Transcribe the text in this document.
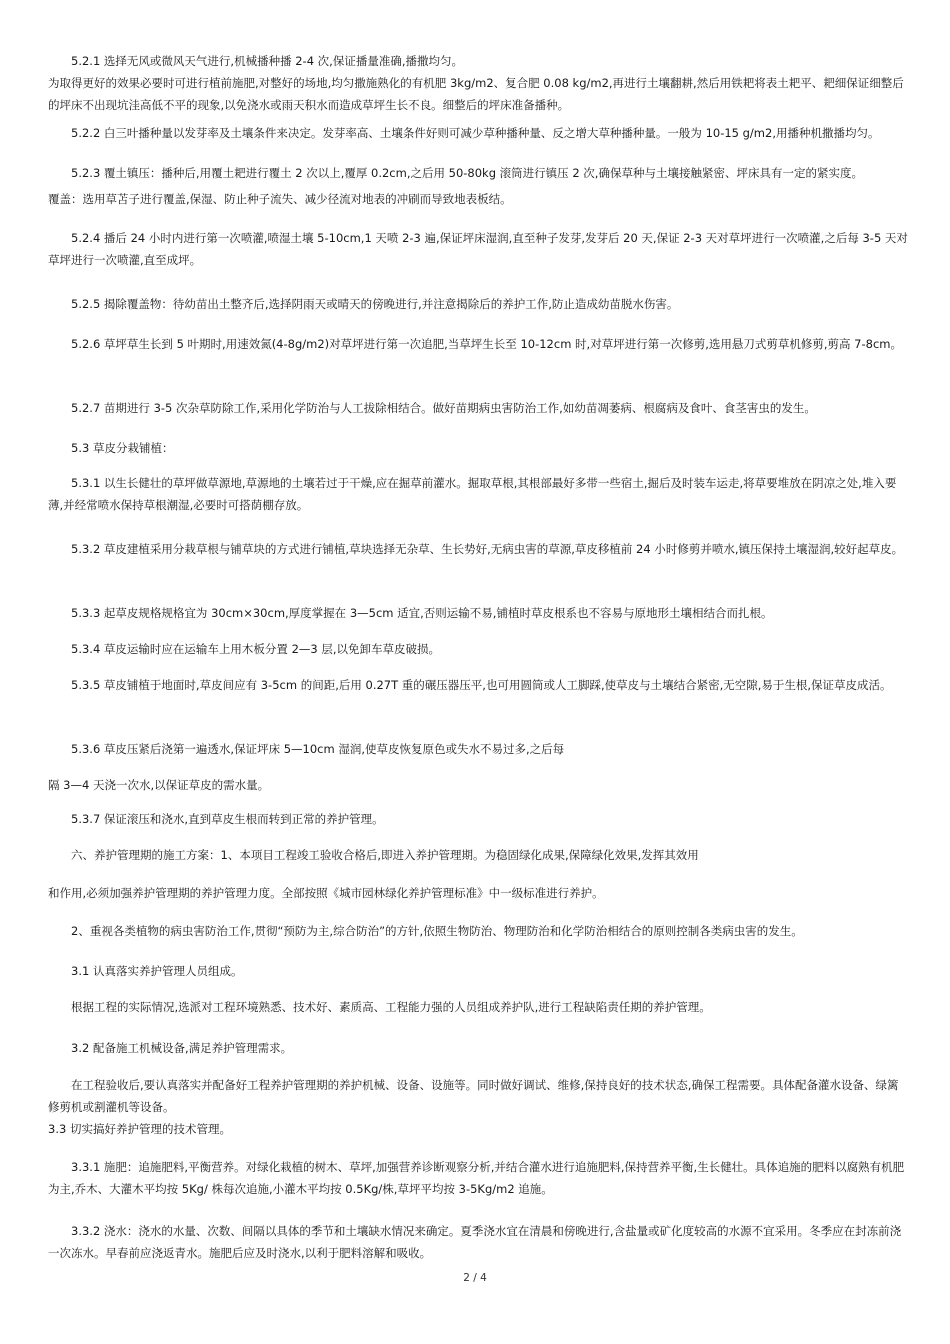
　　5.2.1 选择无风或微风天气进行,机械播种播 2-4 次,保证播量准确,播撒均匀。

为取得更好的效果必要时可进行植前施肥,对整好的场地,均匀撒施熟化的有机肥 3kg/m2、复合肥 0.08 kg/m2,再进行土壤翻耕,然后用铁耙将表土耙平、耙细保证细整后的坪床不出现坑洼高低不平的现象,以免浇水或雨天积水而造成草坪生长不良。细整后的坪床准备播种。

　　5.2.2 白三叶播种量以发芽率及土壤条件来决定。发芽率高、土壤条件好则可减少草种播种量、反之增大草种播种量。一般为 10-15 g/m2,用播种机撒播均匀。

　　5.2.3 覆土镇压：播种后,用覆土耙进行覆土 2 次以上,覆厚 0.2cm,之后用 50-80kg 滚筒进行镇压 2 次,确保草种与土壤接触紧密、坪床具有一定的紧实度。

覆盖：选用草苫子进行覆盖,保湿、防止种子流失、减少径流对地表的冲刷而导致地表板结。

　　5.2.4 播后 24 小时内进行第一次喷灌,喷湿土壤 5-10cm,1 天喷 2-3 遍,保证坪床湿润,直至种子发芽,发芽后 20 天,保证 2-3 天对草坪进行一次喷灌,之后每 3-5 天对草坪进行一次喷灌,直至成坪。

　　5.2.5 揭除覆盖物：待幼苗出土整齐后,选择阴雨天或晴天的傍晚进行,并注意揭除后的养护工作,防止造成幼苗脱水伤害。

　　5.2.6 草坪草生长到 5 叶期时,用速效氮(4-8g/m2)对草坪进行第一次追肥,当草坪生长至 10-12cm 时,对草坪进行第一次修剪,选用悬刀式剪草机修剪,剪高 7-8cm。

　　5.2.7 苗期进行 3-5 次杂草防除工作,采用化学防治与人工拔除相结合。做好苗期病虫害防治工作,如幼苗凋萎病、根腐病及食叶、食茎害虫的发生。

　　5.3 草皮分栽铺植：

　　5.3.1 以生长健壮的草坪做草源地,草源地的土壤若过于干燥,应在掘草前灌水。掘取草根,其根部最好多带一些宿土,掘后及时装车运走,将草要堆放在阴凉之处,堆入要薄,并经常喷水保持草根潮湿,必要时可搭荫棚存放。

　　5.3.2 草皮建植采用分栽草根与铺草块的方式进行铺植,草块选择无杂草、生长势好,无病虫害的草源,草皮移植前 24 小时修剪并喷水,镇压保持土壤湿润,较好起草皮。

　　5.3.3 起草皮规格规格宜为 30cm×30cm,厚度掌握在 3—5cm 适宜,否则运输不易,铺植时草皮根系也不容易与原地形土壤相结合而扎根。

　　5.3.4 草皮运输时应在运输车上用木板分置 2—3 层,以免卸车草皮破损。

　　5.3.5 草皮铺植于地面时,草皮间应有 3-5cm 的间距,后用 0.27T 重的碾压器压平,也可用圆筒或人工脚踩,使草皮与土壤结合紧密,无空隙,易于生根,保证草皮成活。

　　5.3.6 草皮压紧后浇第一遍透水,保证坪床 5—10cm 湿润,使草皮恢复原色或失水不易过多,之后每

隔 3—4 天浇一次水,以保证草皮的需水量。

　　5.3.7 保证滚压和浇水,直到草皮生根而转到正常的养护管理。

　　六、养护管理期的施工方案：1、本项目工程竣工验收合格后,即进入养护管理期。为稳固绿化成果,保障绿化效果,发挥其效用

和作用,必须加强养护管理期的养护管理力度。全部按照《城市园林绿化养护管理标准》中一级标准进行养护。

　　2、重视各类植物的病虫害防治工作,贯彻“预防为主,综合防治”的方针,依照生物防治、物理防治和化学防治相结合的原则控制各类病虫害的发生。

　　3.1 认真落实养护管理人员组成。

　　根据工程的实际情况,选派对工程环境熟悉、技术好、素质高、工程能力强的人员组成养护队,进行工程缺陷责任期的养护管理。

　　3.2 配备施工机械设备,满足养护管理需求。

　　在工程验收后,要认真落实并配备好工程养护管理期的养护机械、设备、设施等。同时做好调试、维修,保持良好的技术状态,确保工程需要。具体配备灌水设备、绿篱修剪机或割灌机等设备。

3.3 切实搞好养护管理的技术管理。

　　3.3.1 施肥：追施肥料,平衡营养。对绿化栽植的树木、草坪,加强营养诊断观察分析,并结合灌水进行追施肥料,保持营养平衡,生长健壮。具体追施的肥料以腐熟有机肥为主,乔木、大灌木平均按 5Kg/ 株每次追施,小灌木平均按 0.5Kg/株,草坪平均按 3-5Kg/m2 追施。

　　3.3.2 浇水：浇水的水量、次数、间隔以具体的季节和土壤缺水情况来确定。夏季浇水宜在清晨和傍晚进行,含盐量或矿化度较高的水源不宜采用。冬季应在封冻前浇一次冻水。早春前应浇返青水。施肥后应及时浇水,以利于肥料溶解和吸收。

2 / 4
